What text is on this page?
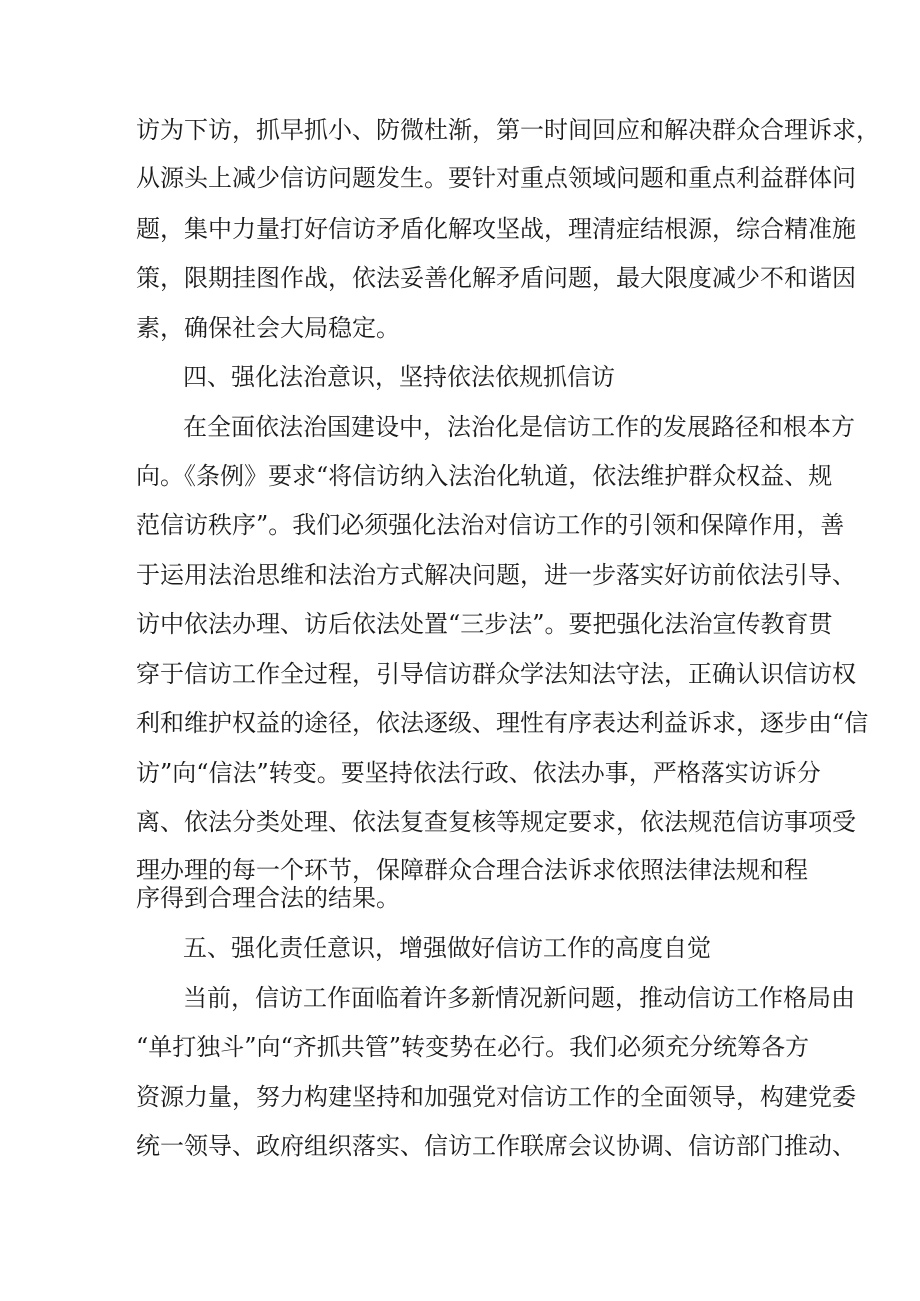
访为下访，抓早抓小、防微杜渐，第一时间回应和解决群众合理诉求，

从源头上减少信访问题发生。要针对重点领域问题和重点利益群体问

题，集中力量打好信访矛盾化解攻坚战，理清症结根源，综合精准施

策，限期挂图作战，依法妥善化解矛盾问题，最大限度减少不和谐因

素，确保社会大局稳定。

四、强化法治意识，坚持依法依规抓信访

在全面依法治国建设中，法治化是信访工作的发展路径和根本方

向。《条例》要求“将信访纳入法治化轨道，依法维护群众权益、规

范信访秩序”。我们必须强化法治对信访工作的引领和保障作用，善

于运用法治思维和法治方式解决问题，进一步落实好访前依法引导、

访中依法办理、访后依法处置“三步法”。要把强化法治宣传教育贯

穿于信访工作全过程，引导信访群众学法知法守法，正确认识信访权

利和维护权益的途径，依法逐级、理性有序表达利益诉求，逐步由“信

访”向“信法”转变。要坚持依法行政、依法办事，严格落实访诉分

离、依法分类处理、依法复查复核等规定要求，依法规范信访事项受

理办理的每一个环节，保障群众合理合法诉求依照法律法规和程

序得到合理合法的结果。

五、强化责任意识，增强做好信访工作的高度自觉

当前，信访工作面临着许多新情况新问题，推动信访工作格局由

“单打独斗”向“齐抓共管”转变势在必行。我们必须充分统筹各方

资源力量，努力构建坚持和加强党对信访工作的全面领导，构建党委

统一领导、政府组织落实、信访工作联席会议协调、信访部门推动、
